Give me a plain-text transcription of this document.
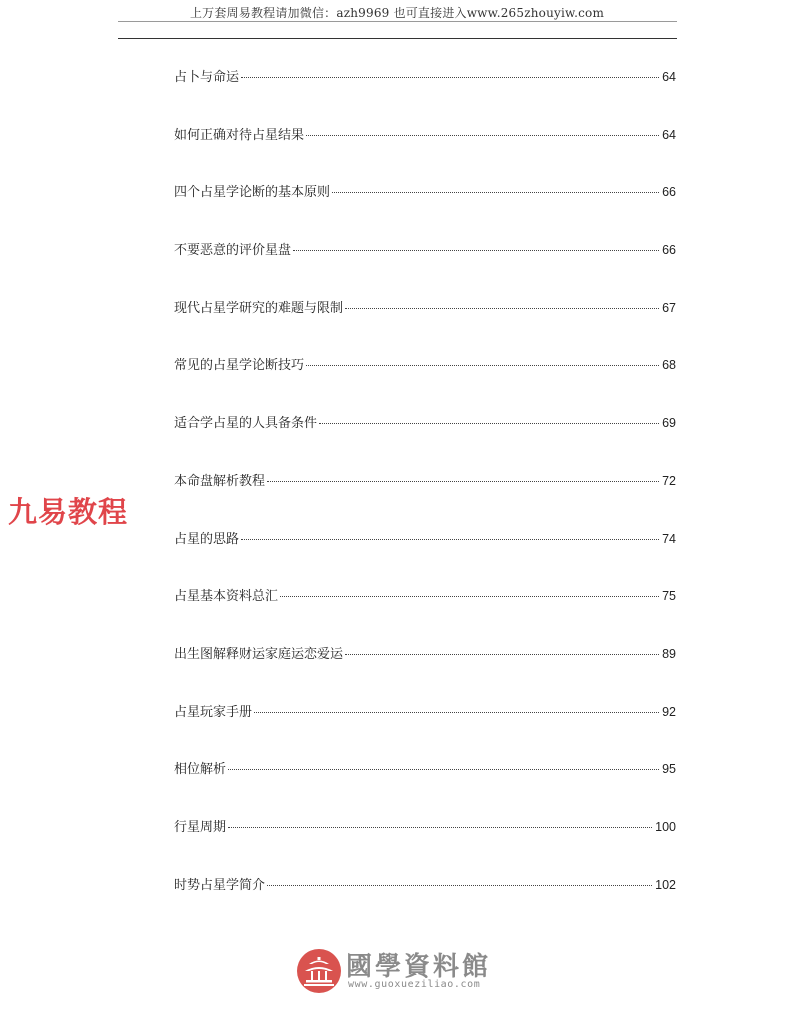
上万套周易教程请加微信：azh9969 也可直接进入www.265zhouyiw.com
占卜与命运	64
如何正确对待占星结果	64
四个占星学论断的基本原则	66
不要恶意的评价星盘	66
现代占星学研究的难题与限制	67
常见的占星学论断技巧	68
适合学占星的人具备条件	69
本命盘解析教程	72
占星的思路	74
占星基本资料总汇	75
出生图解释财运家庭运恋爱运	89
占星玩家手册	92
相位解析	95
行星周期	100
时势占星学简介	102
九易教程
國學資料館
www.guoxueziliao.com
